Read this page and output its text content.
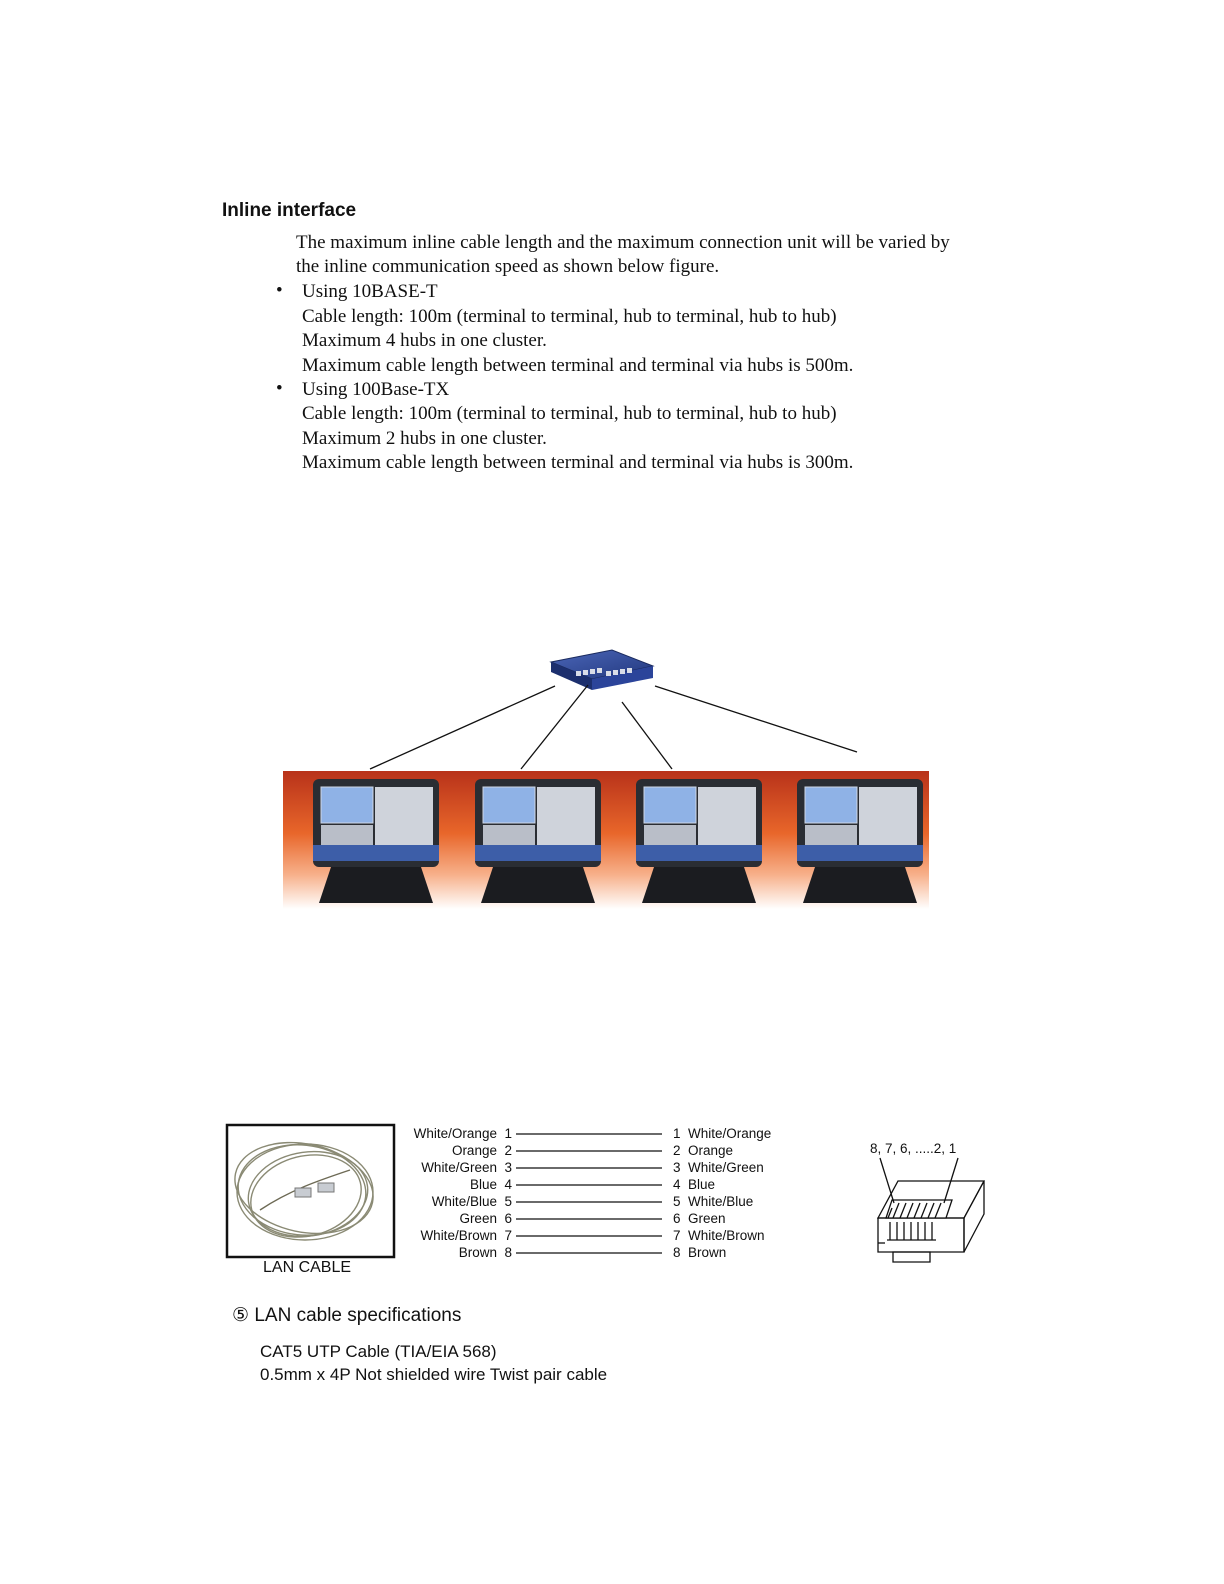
Inline interface
The maximum inline cable length and the maximum connection unit will be varied by
the inline communication speed as shown below figure.
• Using 10BASE-T
Cable length: 100m (terminal to terminal, hub to terminal, hub to hub)
Maximum 4 hubs in one cluster.
Maximum cable length between terminal and terminal via hubs is 500m.
• Using 100Base-TX
Cable length: 100m (terminal to terminal, hub to terminal, hub to hub)
Maximum 2 hubs in one cluster.
Maximum cable length between terminal and terminal via hubs is 300m.
LAN CABLE
White/Orange 1
Orange 2
White/Green 3
Blue 4
White/Blue 5
Green 6
White/Brown 7
Brown 8
1 White/Orange
2 Orange
3 White/Green
4 Blue
5 White/Blue
6 Green
7 White/Brown
8 Brown
8, 7, 6, .....2, 1
⑤ LAN cable specifications
CAT5 UTP Cable (TIA/EIA 568)
0.5mm x 4P Not shielded wire Twist pair cable
